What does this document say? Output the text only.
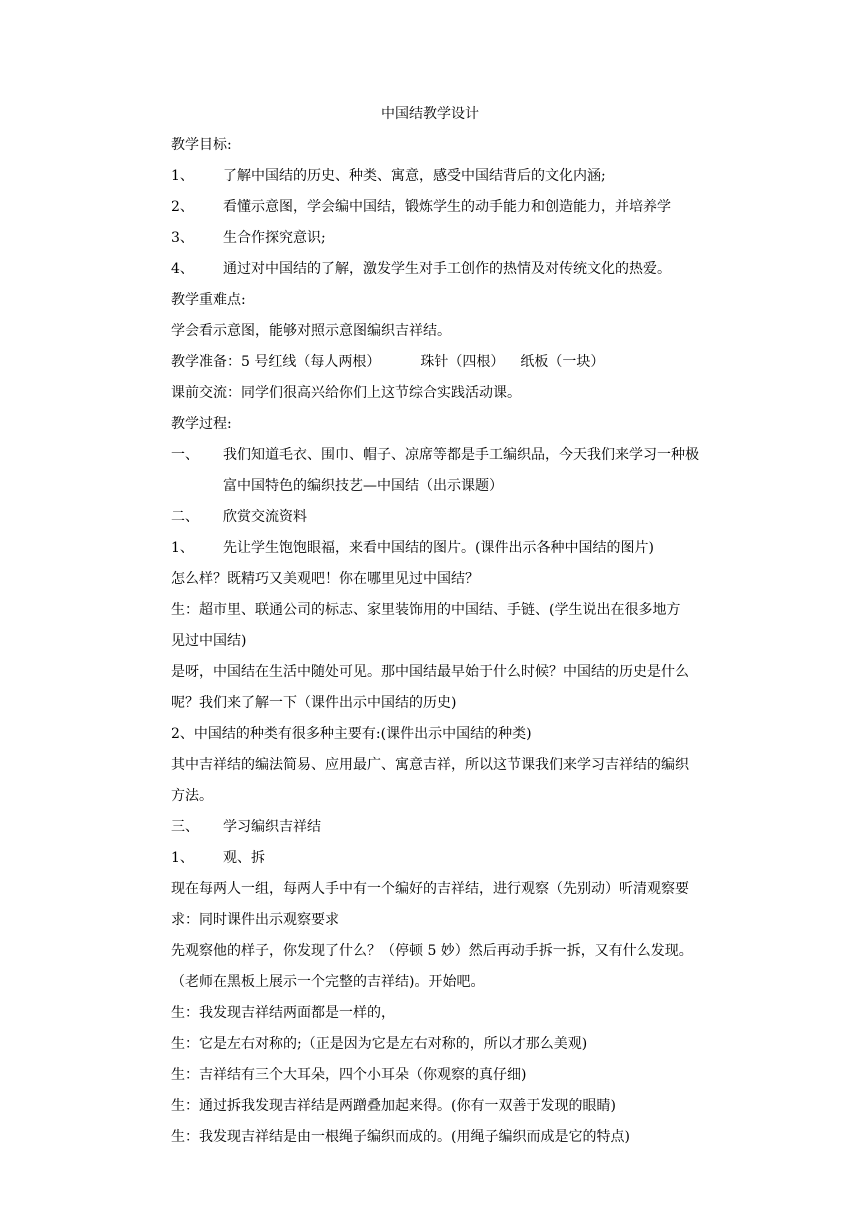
中国结教学设计
教学目标:
1、 了解中国结的历史、种类、寓意，感受中国结背后的文化内涵;
2、 看懂示意图，学会编中国结，锻炼学生的动手能力和创造能力，并培养学
3、 生合作探究意识;
4、 通过对中国结的了解，激发学生对手工创作的热情及对传统文化的热爱。
教学重难点:
学会看示意图，能够对照示意图编织吉祥结。
教学准备：5 号红线（每人两根）	珠针（四根） 纸板（一块）
课前交流：同学们很高兴给你们上这节综合实践活动课。
教学过程:
一、 我们知道毛衣、围巾、帽子、凉席等都是手工编织品，今天我们来学习一种极
富中国特色的编织技艺—中国结（出示课题）
二、 欣赏交流资料
1、 先让学生饱饱眼福，来看中国结的图片。(课件出示各种中国结的图片)
怎么样？既精巧又美观吧！你在哪里见过中国结？
生：超市里、联通公司的标志、家里装饰用的中国结、手链、(学生说出在很多地方
见过中国结)
是呀，中国结在生活中随处可见。那中国结最早始于什么时候？中国结的历史是什么
呢？我们来了解一下（课件出示中国结的历史)
2、中国结的种类有很多种主要有:(课件出示中国结的种类)
其中吉祥结的编法简易、应用最广、寓意吉祥，所以这节课我们来学习吉祥结的编织
方法。
三、 学习编织吉祥结
1、 观、拆
现在每两人一组，每两人手中有一个编好的吉祥结，进行观察（先别动）听清观察要
求：同时课件出示观察要求
先观察他的样子，你发现了什么？（停顿 5 妙）然后再动手拆一拆，又有什么发现。
（老师在黑板上展示一个完整的吉祥结)。开始吧。
生：我发现吉祥结两面都是一样的，
生：它是左右对称的;（正是因为它是左右对称的，所以才那么美观)
生：吉祥结有三个大耳朵，四个小耳朵（你观察的真仔细)
生：通过拆我发现吉祥结是两蹭叠加起来得。(你有一双善于发现的眼睛)
生：我发现吉祥结是由一根绳子编织而成的。(用绳子编织而成是它的特点)
